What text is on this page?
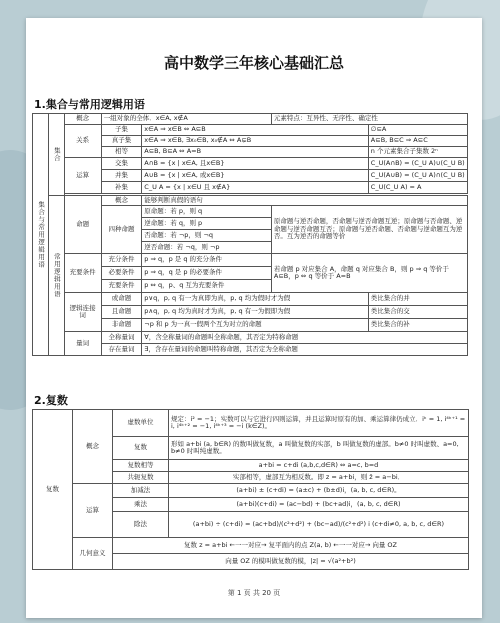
高中数学三年核心基础汇总
1.集合与常用逻辑用语
集合与常用逻辑用语	集合	概念	一组对象的全体．x∈A, x∉A		元素特点：互异性、无序性、确定性	
		关系	子集	x∈A ⇒ x∈B ⇔ A⊆B		∅⊆A
			真子集	x∈A ⇒ x∈B, ∃x₀∈B, x₀∉A ⇔ A⊊B		A⊆B, B⊆C ⇒ A⊆C
			相等	A⊆B, B⊆A ⇔ A=B		n 个元素集合子集数 2ⁿ
		运算	交集	A∩B = {x | x∈A, 且x∈B}		C_U(A∩B) = (C_U A)∪(C_U B)
			并集	A∪B = {x | x∈A, 或x∈B}		C_U(A∪B) = (C_U A)∩(C_U B)
			补集	C_U A = {x | x∈U 且 x∉A}		C_U(C_U A) = A

	常用逻辑用语	命题	概念	能够判断真假的语句		
			四种命题	原命题：若 p，则 q	原命题与逆否命题，否命题与逆否命题互逆；原命题与否命题、逆命题与逆否命题互否；原命题与逆否命题、否命题与逆命题互为逆否。互为逆否的命题等价	
				逆命题：若 q，则 p		
				否命题：若 ¬p，则 ¬q		
				逆否命题：若 ¬q，则 ¬p		
		充要条件	充分条件	p ⇒ q，p 是 q 的充分条件	若命题 p 对应集合 A，命题 q 对应集合 B，则 p ⇒ q 等价于 A⊆B，p ⇔ q 等价于 A=B	
			必要条件	p ⇒ q，q 是 p 的必要条件		
			充要条件	p ⇔ q，p、q 互为充要条件		
		逻辑连接词	或命题	p∨q，p, q 有一为真即为真，p, q 均为假时才为假		类比集合的并
			且命题	p∧q，p, q 均为真时才为真，p, q 有一为假即为假		类比集合的交
			非命题	¬p 和 p 为一真一假两个互为对立的命题		类比集合的补
		量词	全称量词	∀，含全称量词的命题叫全称命题，其否定为特称命题		
			存在量词	∃，含存在量词的命题叫特称命题，其否定为全称命题		
2.复数
复数	概念	虚数单位	规定：i² = −1；实数可以与它进行四则运算，并且运算时原有的加、乘运算律仍成立．iᵏ = 1, i⁴ᵏ⁺¹ = i, i⁴ᵏ⁺² = −1, i⁴ᵏ⁺³ = −i (k∈Z)。
		复数	形如 a+bi (a, b∈R) 的数叫做复数，a 叫做复数的实部，b 叫做复数的虚部。b≠0 时叫虚数、a=0, b≠0 时叫纯虚数。
		复数相等	a+bi = c+di (a,b,c,d∈R) ⇔ a=c, b=d
		共轭复数	实部相等，虚部互为相反数。即 z = a+bi，则 z̄ = a−bi．
	运算	加减法	(a+bi) ± (c+di) = (a±c) + (b±d)i，(a, b, c, d∈R)。
		乘法	(a+bi)(c+di) = (ac−bd) + (bc+ad)i，(a, b, c, d∈R)
		除法	(a+bi) ÷ (c+di) = (ac+bd)/(c²+d²) + (bc−ad)/(c²+d²) i (c+di≠0, a, b, c, d∈R)
	几何意义	复数 z = a+bi ←一一对应→ 复平面内的点 Z(a, b) ←一一对应→ 向量 OZ	
		向量 OZ 的模叫做复数的模，|z| = √(a²+b²)	
第 1 页 共 20 页
